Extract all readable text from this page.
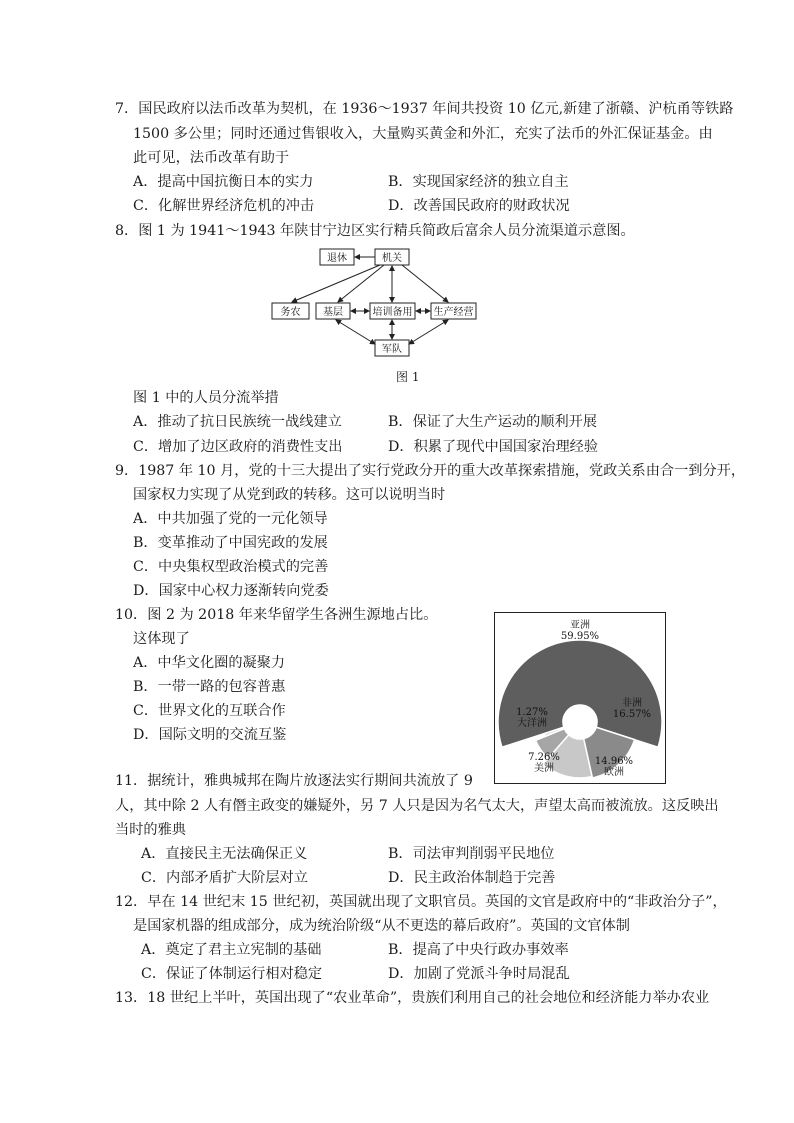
7．国民政府以法币改革为契机，在 1936～1937 年间共投资 10 亿元,新建了浙赣、沪杭甬等铁路
1500 多公里；同时还通过售银收入，大量购买黄金和外汇，充实了法币的外汇保证基金。由
此可见，法币改革有助于
A．提高中国抗衡日本的实力	B．实现国家经济的独立自主
C．化解世界经济危机的冲击	D．改善国民政府的财政状况
8．图 1 为 1941～1943 年陕甘宁边区实行精兵简政后富余人员分流渠道示意图。
退休	机关
务农 基层	培训备用 生产经营
军队
图 1
图 1 中的人员分流举措
A．推动了抗日民族统一战线建立	B．保证了大生产运动的顺利开展
C．增加了边区政府的消费性支出	D．积累了现代中国国家治理经验
9．1987 年 10 月，党的十三大提出了实行党政分开的重大改革探索措施，党政关系由合一到分开，
国家权力实现了从党到政的转移。这可以说明当时
A．中共加强了党的一元化领导
B．变革推动了中国宪政的发展
C．中央集权型政治模式的完善
D．国家中心权力逐渐转向党委
10．图 2 为 2018 年来华留学生各洲生源地占比。
这体现了
A．中华文化圈的凝聚力
B．一带一路的包容普惠
C．世界文化的互联合作
D．国际文明的交流互鉴
亚洲
59.95%
非洲
16.57%
14.96%
欧洲
7.26%
美洲
1.27%
大洋洲
11．据统计，雅典城邦在陶片放逐法实行期间共流放了 9
人，其中除 2 人有僭主政变的嫌疑外，另 7 人只是因为名气太大，声望太高而被流放。这反映出
当时的雅典
A．直接民主无法确保正义	B．司法审判削弱平民地位
C．内部矛盾扩大阶层对立	D．民主政治体制趋于完善
12．早在 14 世纪末 15 世纪初，英国就出现了文职官员。英国的文官是政府中的“非政治分子”，
是国家机器的组成部分，成为统治阶级“从不更迭的幕后政府”。英国的文官体制
A．奠定了君主立宪制的基础	B．提高了中央行政办事效率
C．保证了体制运行相对稳定	D．加剧了党派斗争时局混乱
13．18 世纪上半叶，英国出现了“农业革命”，贵族们利用自己的社会地位和经济能力举办农业
